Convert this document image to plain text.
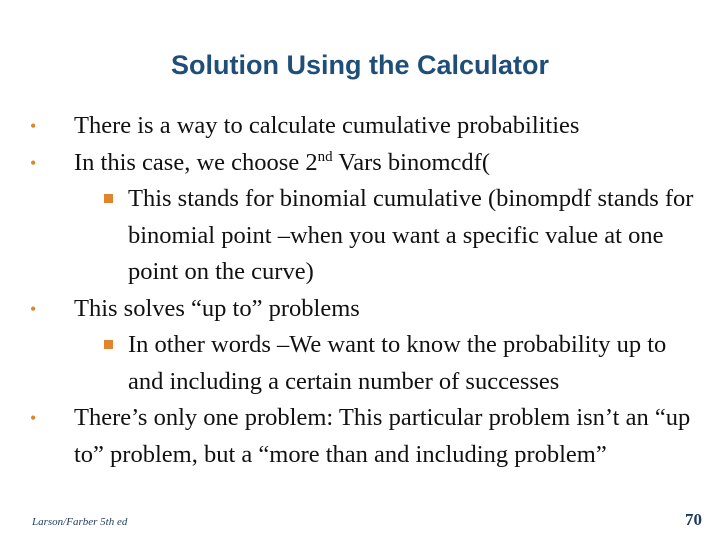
Solution Using the Calculator
•	There is a way to calculate cumulative probabilities
•	In this case, we choose 2nd Vars binomcdf(
This stands for binomial cumulative (binompdf stands for binomial point –when you want a specific value at one point on the curve)
•	This solves “up to” problems
In other words –We want to know the probability up to and including a certain number of successes
•	There’s only one problem: This particular problem isn’t an “up to” problem, but a “more than and including problem”
Larson/Farber 5th ed	70
